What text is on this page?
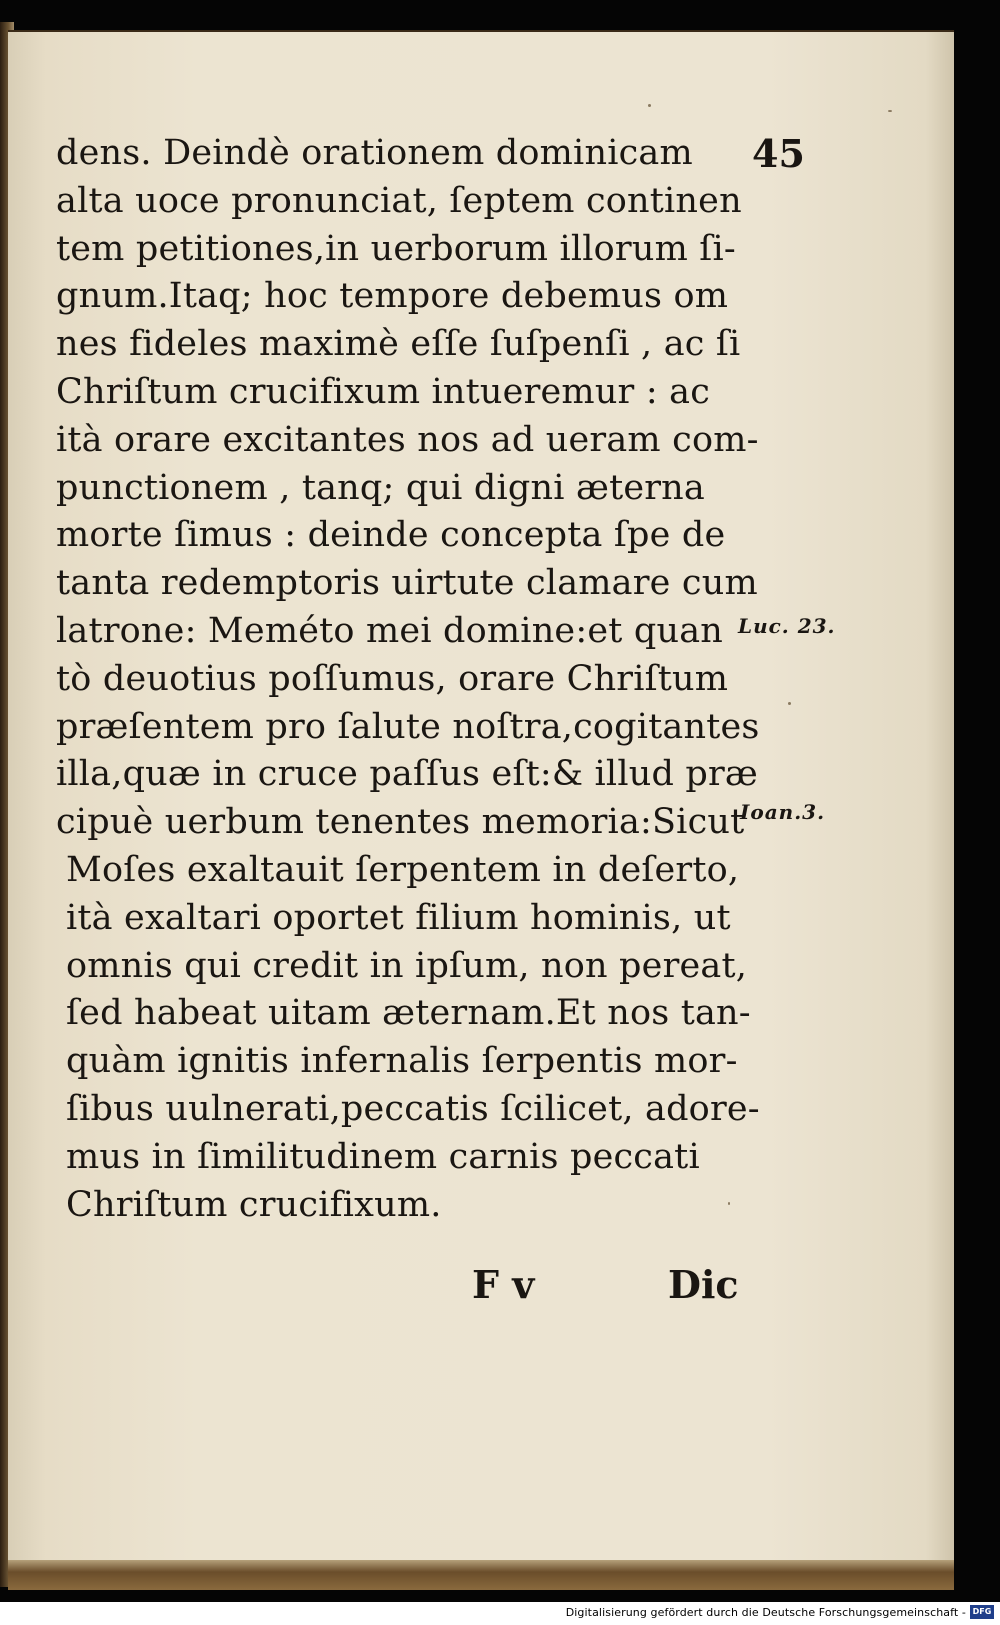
45
dens. Deindè orationem dominicam
alta uoce pronunciat, ſeptem continen
tem petitiones,in uerborum illorum ſi-
gnum.Itaq; hoc tempore debemus om
nes fideles maximè eſſe ſuſpenſi , ac ſi
Chriſtum crucifixum intueremur : ac
ità orare excitantes nos ad ueram com-
punctionem , tanq; qui digni æterna
morte ſimus : deinde concepta ſpe de
tanta redemptoris uirtute clamare cum
latrone: Meméto mei domine:et quan
tò deuotius poſſumus, orare Chriſtum
præſentem pro ſalute noſtra,cogitantes
illa,quæ in cruce paſſus eſt:& illud præ
cipuè uerbum tenentes memoria:Sicut
Moſes exaltauit ſerpentem in deſerto,
ità exaltari oportet filium hominis, ut
omnis qui credit in ipſum, non pereat,
ſed habeat uitam æternam.Et nos tan-
quàm ignitis infernalis ſerpentis mor-
ſibus uulnerati,peccatis ſcilicet, adore-
mus in ſimilitudinem carnis peccati
Chriſtum crucifixum.
Luc. 23.
Ioan.3.
F v	Dic
Digitalisierung gefördert durch die Deutsche Forschungsgemeinschaft - DFG
